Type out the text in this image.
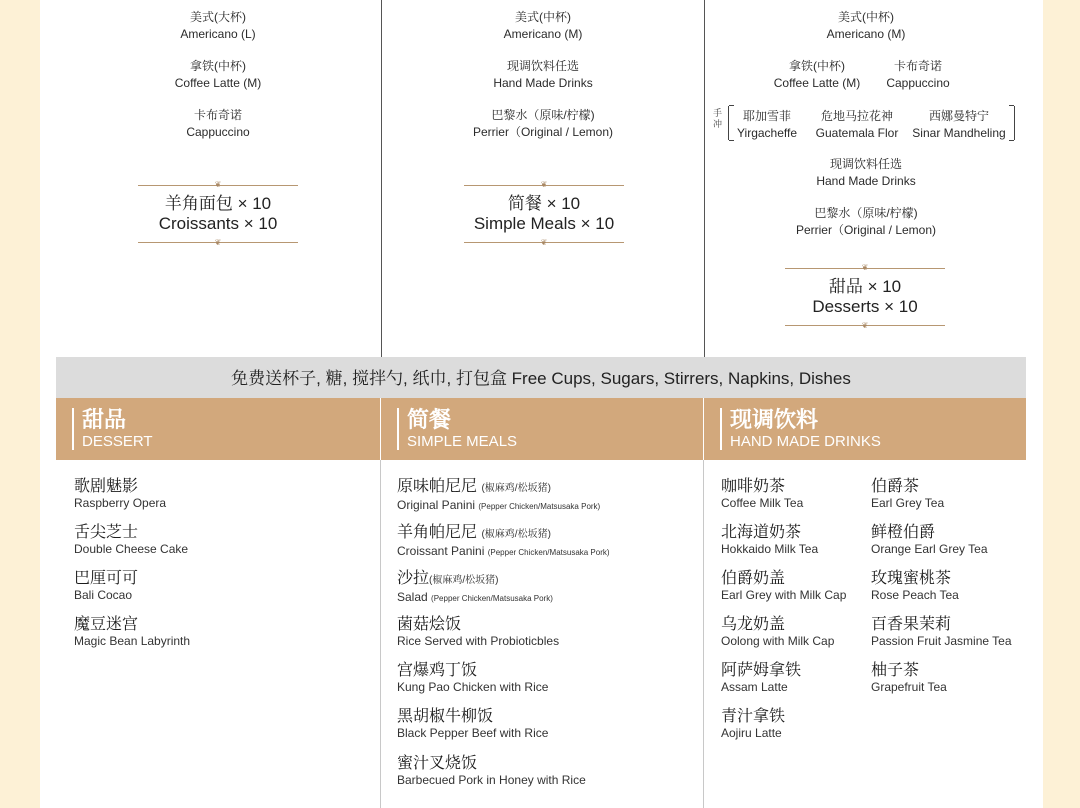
美式(大杯)
Americano (L)
拿铁(中杯)
Coffee Latte (M)
卡布奇诺
Cappuccino
❦
羊角面包 × 10
Croissants × 10
❦
美式(中杯)
Americano (M)
现调饮料任选
Hand Made Drinks
巴黎水（原味/柠檬)
Perrier（Original / Lemon)
❦
简餐 × 10
Simple Meals × 10
❦
美式(中杯)
Americano (M)
拿铁(中杯)
Coffee Latte (M)
卡布奇诺
Cappuccino
手冲
耶加雪菲
Yirgacheffe
危地马拉花神
Guatemala Flor
西娜曼特宁
Sinar Mandheling
现调饮料任选
Hand Made Drinks
巴黎水（原味/柠檬)
Perrier（Original / Lemon)
❦
甜品 × 10
Desserts × 10
❦
免费送杯子, 糖, 搅拌勺, 纸巾, 打包盒 Free Cups, Sugars, Stirrers, Napkins, Dishes
甜品
DESSERT
简餐
SIMPLE MEALS
现调饮料
HAND MADE DRINKS
歌剧魅影
Raspberry Opera
舌尖芝士
Double Cheese Cake
巴厘可可
Bali Cocao
魔豆迷宫
Magic Bean Labyrinth
原味帕尼尼 (椒麻鸡/松坂猪)
Original Panini (Pepper Chicken/Matsusaka Pork)
羊角帕尼尼 (椒麻鸡/松坂猪)
Croissant Panini (Pepper Chicken/Matsusaka Pork)
沙拉(椒麻鸡/松坂猪)
Salad (Pepper Chicken/Matsusaka Pork)
菌菇烩饭
Rice Served with Probioticbles
宫爆鸡丁饭
Kung Pao Chicken with Rice
黑胡椒牛柳饭
Black Pepper Beef with Rice
蜜汁叉烧饭
Barbecued Pork in Honey with Rice
咖啡奶茶
Coffee Milk Tea
北海道奶茶
Hokkaido Milk Tea
伯爵奶盖
Earl Grey with Milk Cap
乌龙奶盖
Oolong with Milk Cap
阿萨姆拿铁
Assam Latte
青汁拿铁
Aojiru Latte
伯爵茶
Earl Grey Tea
鲜橙伯爵
Orange Earl Grey Tea
玫瑰蜜桃茶
Rose Peach Tea
百香果茉莉
Passion Fruit Jasmine Tea
柚子茶
Grapefruit Tea
